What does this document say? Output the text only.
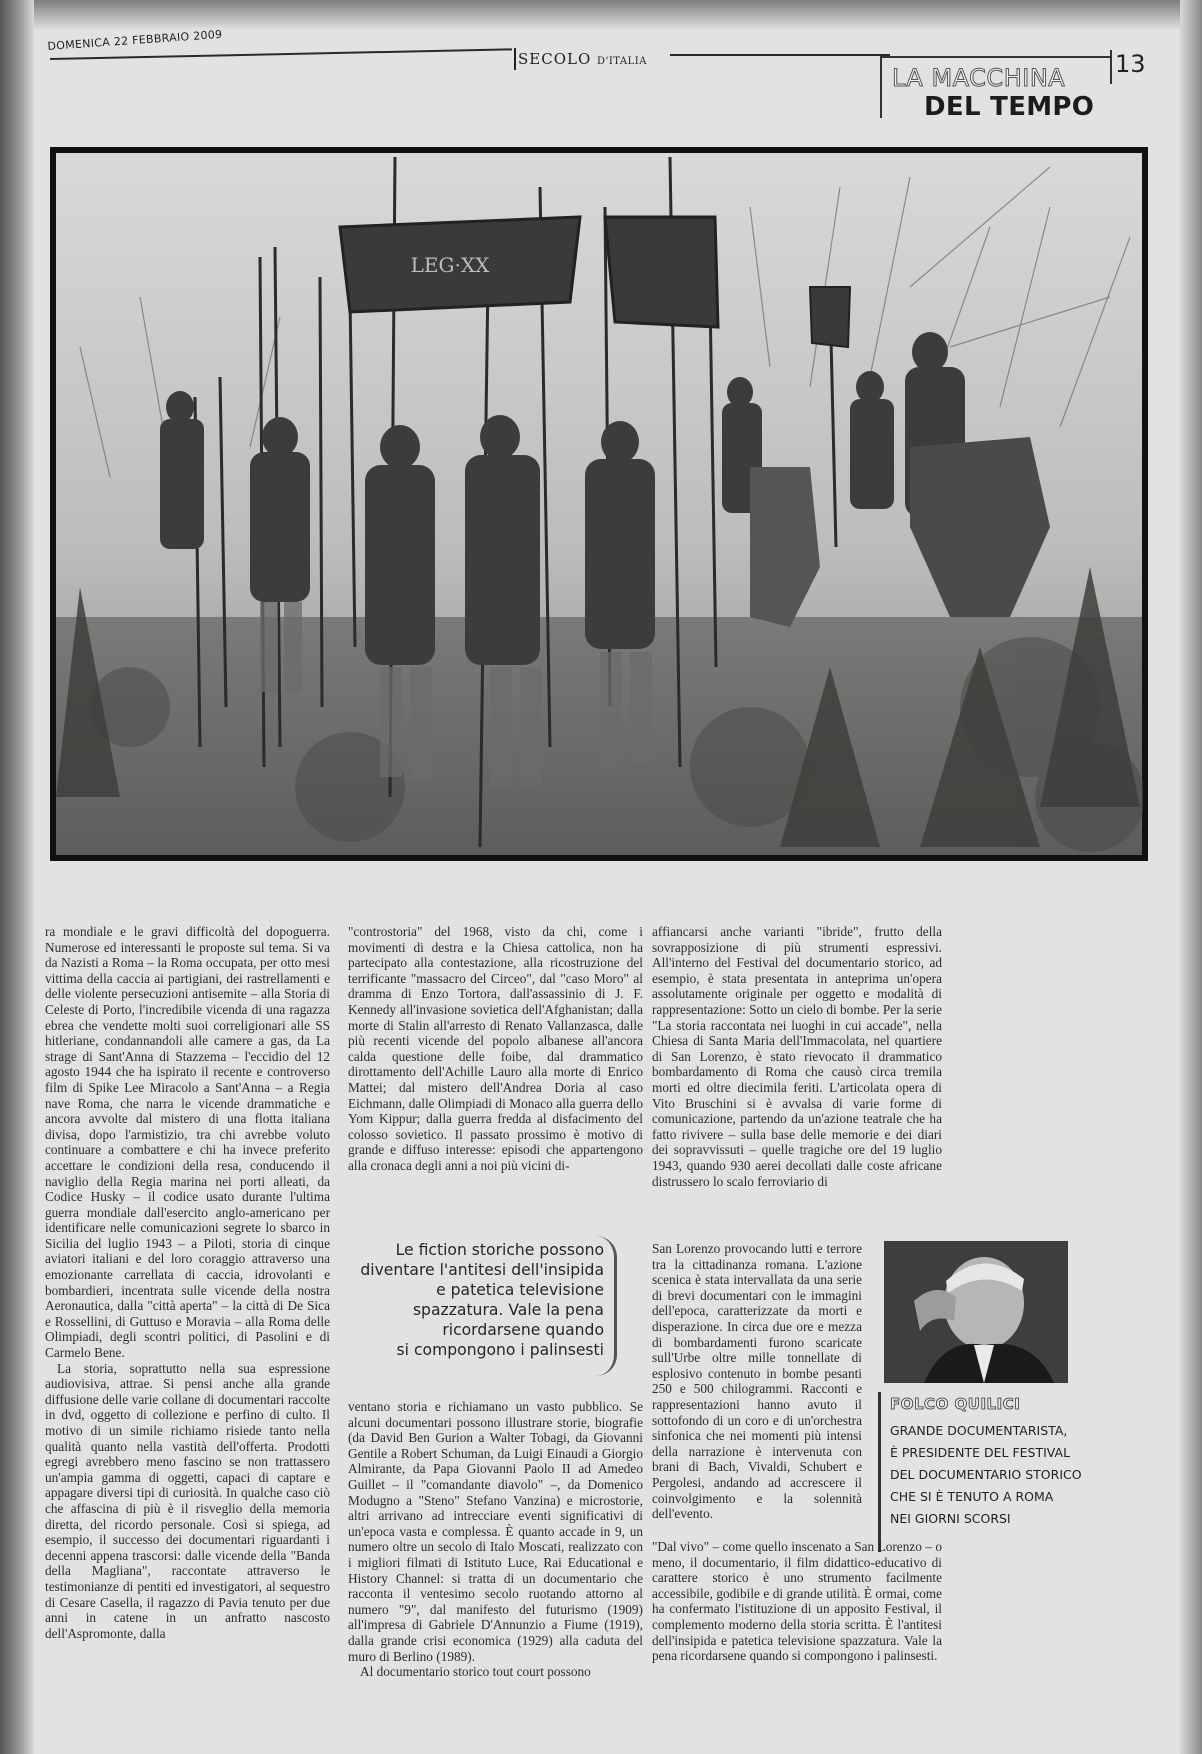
DOMENICA 22 FEBBRAIO 2009
SECOLO D'ITALIA
LA MACCHINA
DEL TEMPO
13
LEG·XX

ra mondiale e le gravi difficoltà del dopoguerra. Numerose ed interessanti le proposte sul tema. Si va da Nazisti a Roma – la Roma occupata, per otto mesi vittima della caccia ai partigiani, dei rastrellamenti e delle violente persecuzioni antisemite – alla Storia di Celeste di Porto, l'incredibile vicenda di una ragazza ebrea che vendette molti suoi correligionari alle SS hitleriane, condannandoli alle camere a gas, da La strage di Sant'Anna di Stazzema – l'eccidio del 12 agosto 1944 che ha ispirato il recente e controverso film di Spike Lee Miracolo a Sant'Anna – a Regia nave Roma, che narra le vicende drammatiche e ancora avvolte dal mistero di una flotta italiana divisa, dopo l'armistizio, tra chi avrebbe voluto continuare a combattere e chi ha invece preferito accettare le condizioni della resa, conducendo il naviglio della Regia marina nei porti alleati, da Codice Husky – il codice usato durante l'ultima guerra mondiale dall'esercito anglo-americano per identificare nelle comunicazioni segrete lo sbarco in Sicilia del luglio 1943 – a Piloti, storia di cinque aviatori italiani e del loro coraggio attraverso una emozionante carrellata di caccia, idrovolanti e bombardieri, incentrata sulle vicende della nostra Aeronautica, dalla "città aperta" – la città di De Sica e Rossellini, di Guttuso e Moravia – alla Roma delle Olimpiadi, degli scontri politici, di Pasolini e di Carmelo Bene.

La storia, soprattutto nella sua espressione audiovisiva, attrae. Si pensi anche alla grande diffusione delle varie collane di documentari raccolte in dvd, oggetto di collezione e perfino di culto. Il motivo di un simile richiamo risiede tanto nella qualità quanto nella vastità dell'offerta. Prodotti egregi avrebbero meno fascino se non trattassero un'ampia gamma di oggetti, capaci di captare e appagare diversi tipi di curiosità. In qualche caso ciò che affascina di più è il risveglio della memoria diretta, del ricordo personale. Così si spiega, ad esempio, il successo dei documentari riguardanti i decenni appena trascorsi: dalle vicende della "Banda della Magliana", raccontate attraverso le testimonianze di pentiti ed investigatori, al sequestro di Cesare Casella, il ragazzo di Pavia tenuto per due anni in catene in un anfratto nascosto dell'Aspromonte, dalla

"controstoria" del 1968, visto da chi, come i movimenti di destra e la Chiesa cattolica, non ha partecipato alla contestazione, alla ricostruzione del terrificante "massacro del Circeo", dal "caso Moro" al dramma di Enzo Tortora, dall'assassinio di J. F. Kennedy all'invasione sovietica dell'Afghanistan; dalla morte di Stalin all'arresto di Renato Vallanzasca, dalle più recenti vicende del popolo albanese all'ancora calda questione delle foibe, dal drammatico dirottamento dell'Achille Lauro alla morte di Enrico Mattei; dal mistero dell'Andrea Doria al caso Eichmann, dalle Olimpiadi di Monaco alla guerra dello Yom Kippur; dalla guerra fredda al disfacimento del colosso sovietico. Il passato prossimo è motivo di grande e diffuso interesse: episodi che appartengono alla cronaca degli anni a noi più vicini di-

Le fiction storiche possono
diventare l'antitesi dell'insipida
e patetica televisione
spazzatura. Vale la pena
ricordarsene quando
si compongono i palinsesti

ventano storia e richiamano un vasto pubblico. Se alcuni documentari possono illustrare storie, biografie (da David Ben Gurion a Walter Tobagi, da Giovanni Gentile a Robert Schuman, da Luigi Einaudi a Giorgio Almirante, da Papa Giovanni Paolo II ad Amedeo Guillet – il "comandante diavolo" –, da Domenico Modugno a "Steno" Stefano Vanzina) e microstorie, altri arrivano ad intrecciare eventi significativi di un'epoca vasta e complessa. È quanto accade in 9, un numero oltre un secolo di Italo Moscati, realizzato con i migliori filmati di Istituto Luce, Rai Educational e History Channel: si tratta di un documentario che racconta il ventesimo secolo ruotando attorno al numero "9", dal manifesto del futurismo (1909) all'impresa di Gabriele D'Annunzio a Fiume (1919), dalla grande crisi economica (1929) alla caduta del muro di Berlino (1989).

Al documentario storico tout court possono

affiancarsi anche varianti "ibride", frutto della sovrapposizione di più strumenti espressivi. All'interno del Festival del documentario storico, ad esempio, è stata presentata in anteprima un'opera assolutamente originale per oggetto e modalità di rappresentazione: Sotto un cielo di bombe. Per la serie "La storia raccontata nei luoghi in cui accade", nella Chiesa di Santa Maria dell'Immacolata, nel quartiere di San Lorenzo, è stato rievocato il drammatico bombardamento di Roma che causò circa tremila morti ed oltre diecimila feriti. L'articolata opera di Vito Bruschini si è avvalsa di varie forme di comunicazione, partendo da un'azione teatrale che ha fatto rivivere – sulla base delle memorie e dei diari dei sopravvissuti – quelle tragiche ore del 19 luglio 1943, quando 930 aerei decollati dalle coste africane distrussero lo scalo ferroviario di

San Lorenzo provocando lutti e terrore tra la cittadinanza romana. L'azione scenica è stata intervallata da una serie di brevi documentari con le immagini dell'epoca, caratterizzate da morti e disperazione. In circa due ore e mezza di bombardamenti furono scaricate sull'Urbe oltre mille tonnellate di esplosivo contenuto in bombe pesanti 250 e 500 chilogrammi. Racconti e rappresentazioni hanno avuto il sottofondo di un coro e di un'orchestra sinfonica che nei momenti più intensi della narrazione è intervenuta con brani di Bach, Vivaldi, Schubert e Pergolesi, andando ad accrescere il coinvolgimento e la solennità dell'evento.

FOLCO QUILICI
GRANDE DOCUMENTARISTA,
È PRESIDENTE DEL FESTIVAL
DEL DOCUMENTARIO STORICO
CHE SI È TENUTO A ROMA
NEI GIORNI SCORSI

"Dal vivo" – come quello inscenato a San Lorenzo – o meno, il documentario, il film didattico-educativo di carattere storico è uno strumento facilmente accessibile, godibile e di grande utilità. È ormai, come ha confermato l'istituzione di un apposito Festival, il complemento moderno della storia scritta. È l'antitesi dell'insipida e patetica televisione spazzatura. Vale la pena ricordarsene quando si compongono i palinsesti.
